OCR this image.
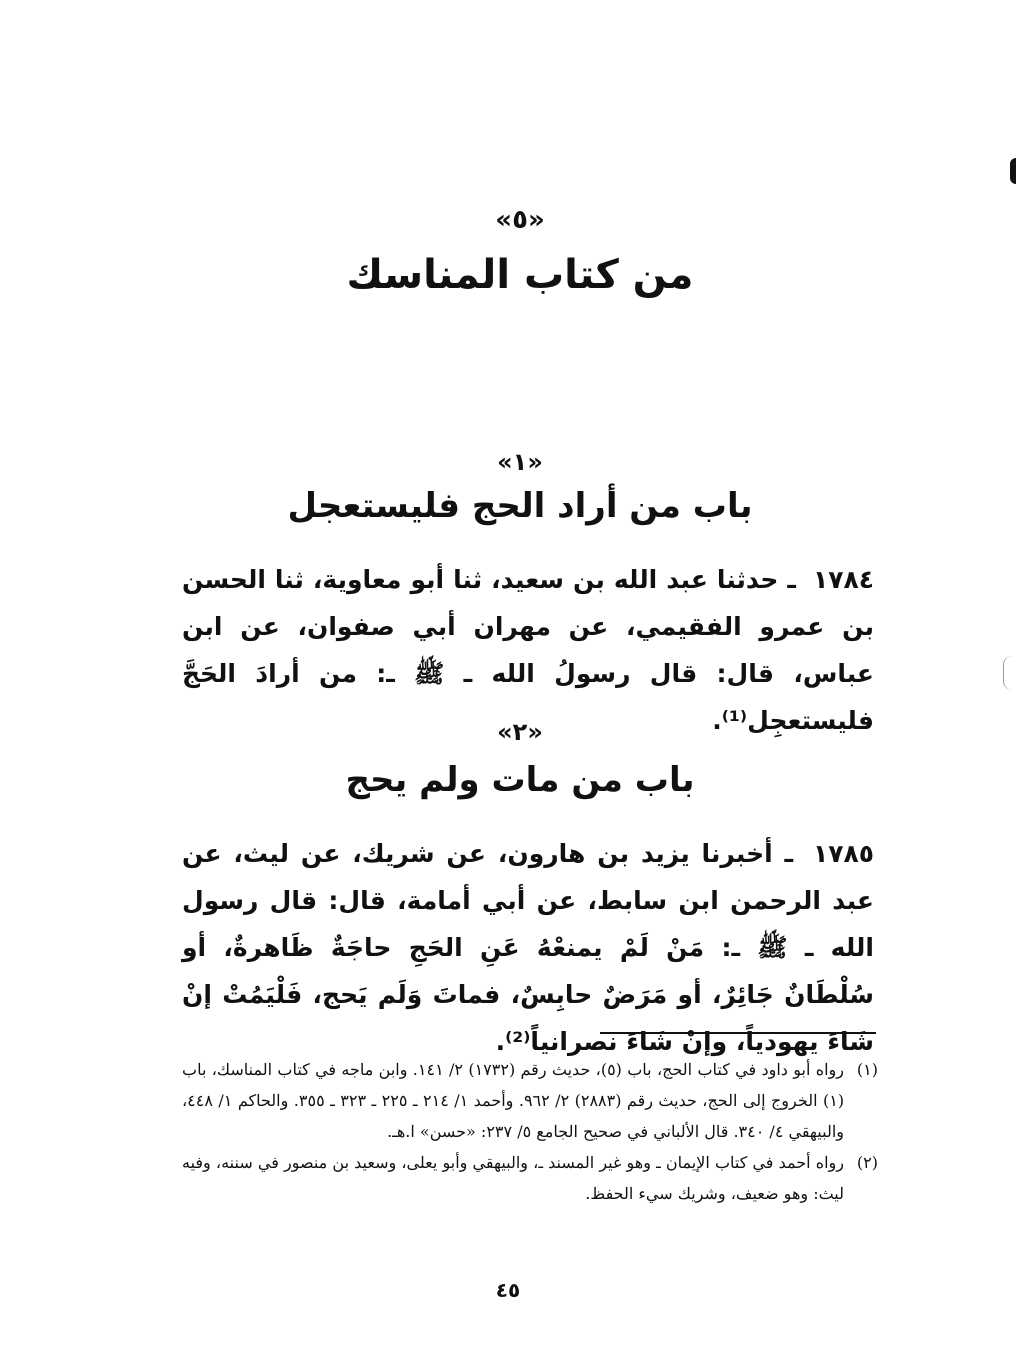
«٥»
من كتاب المناسك
«١»
باب من أراد الحج فليستعجل

١٧٨٤ ـ حدثنا عبد الله بن سعيد، ثنا أبو معاوية، ثنا الحسن بن عمرو الفقيمي، عن مهران أبي صفوان، عن ابن عباس، قال: قال رسولُ الله ـ ﷺ ـ: من أرادَ الحَجَّ فليستعجِل⁽¹⁾.

«٢»
باب من مات ولم يحج

١٧٨٥ ـ أخبرنا يزيد بن هارون، عن شريك، عن ليث، عن عبد الرحمن ابن سابط، عن أبي أمامة، قال: قال رسول الله ـ ﷺ ـ: مَنْ لَمْ يمنعْهُ عَنِ الحَجِ حاجَةٌ ظَاهرةٌ، أو سُلْطَانٌ جَائِرٌ، أو مَرَضٌ حابِسٌ، فماتَ وَلَم يَحج، فَلْيَمُتْ إنْ شَاءَ يهودياً، وإنْ شَاءَ نصرانياً⁽²⁾.

(١)
رواه أبو داود في كتاب الحج، باب (٥)، حديث رقم (١٧٣٢) ٢/ ١٤١. وابن ماجه في كتاب المناسك، باب (١) الخروج إلى الحج، حديث رقم (٢٨٨٣) ٢/ ٩٦٢. وأحمد ١/ ٢١٤ ـ ٢٢٥ ـ ٣٢٣ ـ ٣٥٥. والحاكم ١/ ٤٤٨، والبيهقي ٤/ ٣٤٠. قال الألباني في صحيح الجامع ٥/ ٢٣٧: «حسن» ا.هـ.
(٢)
رواه أحمد في كتاب الإيمان ـ وهو غير المسند ـ، والبيهقي وأبو يعلى، وسعيد بن منصور في سننه، وفيه ليث: وهو ضعيف، وشريك سيء الحفظ.
٤٥
